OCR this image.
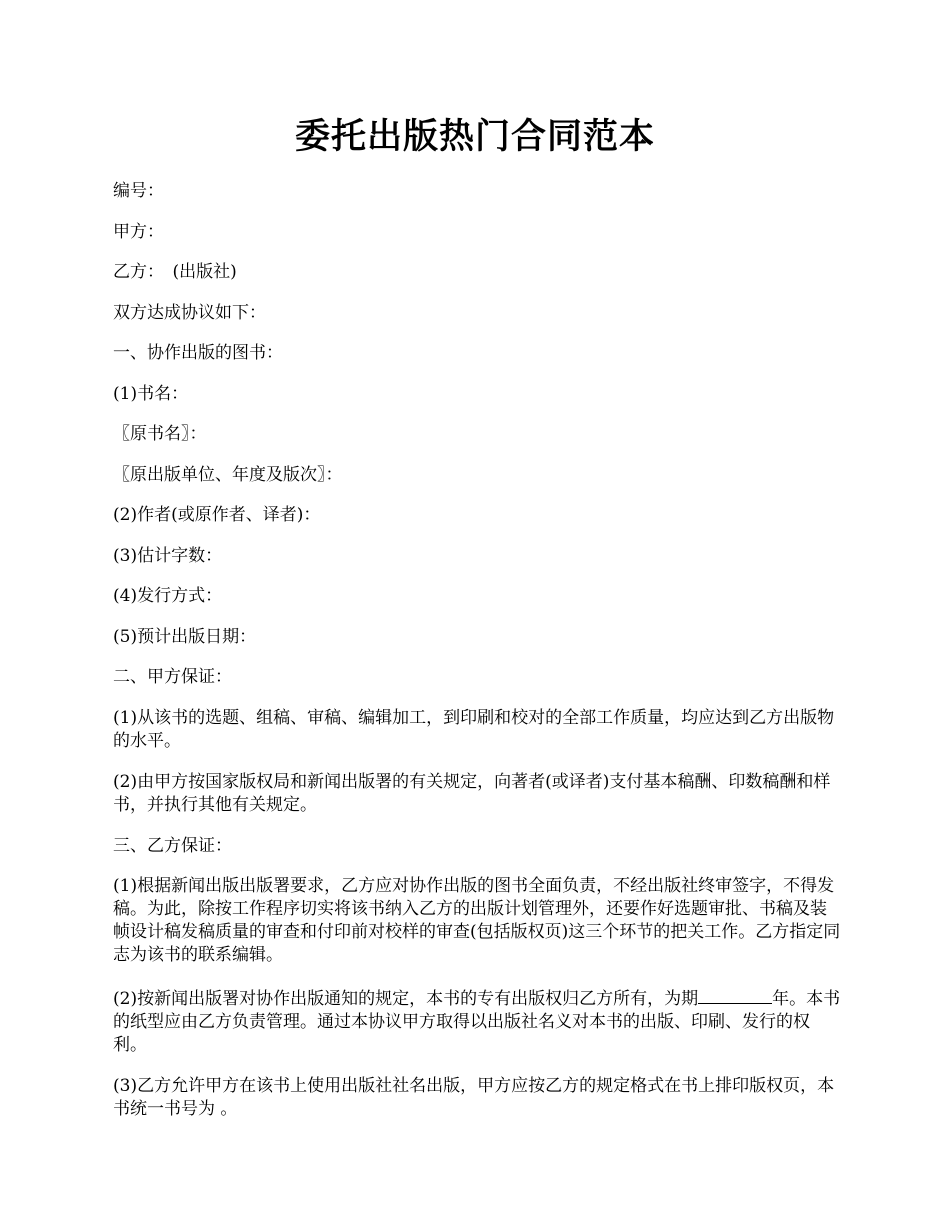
委托出版热门合同范本

编号：

甲方：

乙方：　(出版社)

双方达成协议如下：

一、协作出版的图书：

(1)书名：

〖原书名〗：

〖原出版单位、年度及版次〗：

(2)作者(或原作者、译者)：

(3)估计字数：

(4)发行方式：

(5)预计出版日期：

二、甲方保证：

(1)从该书的选题、组稿、审稿、编辑加工，到印刷和校对的全部工作质量，均应达到乙方出版物的水平。

(2)由甲方按国家版权局和新闻出版署的有关规定，向著者(或译者)支付基本稿酬、印数稿酬和样书，并执行其他有关规定。

三、乙方保证：

(1)根据新闻出版出版署要求，乙方应对协作出版的图书全面负责，不经出版社终审签字，不得发稿。为此，除按工作程序切实将该书纳入乙方的出版计划管理外，还要作好选题审批、书稿及装帧设计稿发稿质量的审查和付印前对校样的审查(包括版权页)这三个环节的把关工作。乙方指定同志为该书的联系编辑。

(2)按新闻出版署对协作出版通知的规定，本书的专有出版权归乙方所有，为期	年。本书的纸型应由乙方负责管理。通过本协议甲方取得以出版社名义对本书的出版、印刷、发行的权利。

(3)乙方允许甲方在该书上使用出版社社名出版，甲方应按乙方的规定格式在书上排印版权页，本书统一书号为 。
